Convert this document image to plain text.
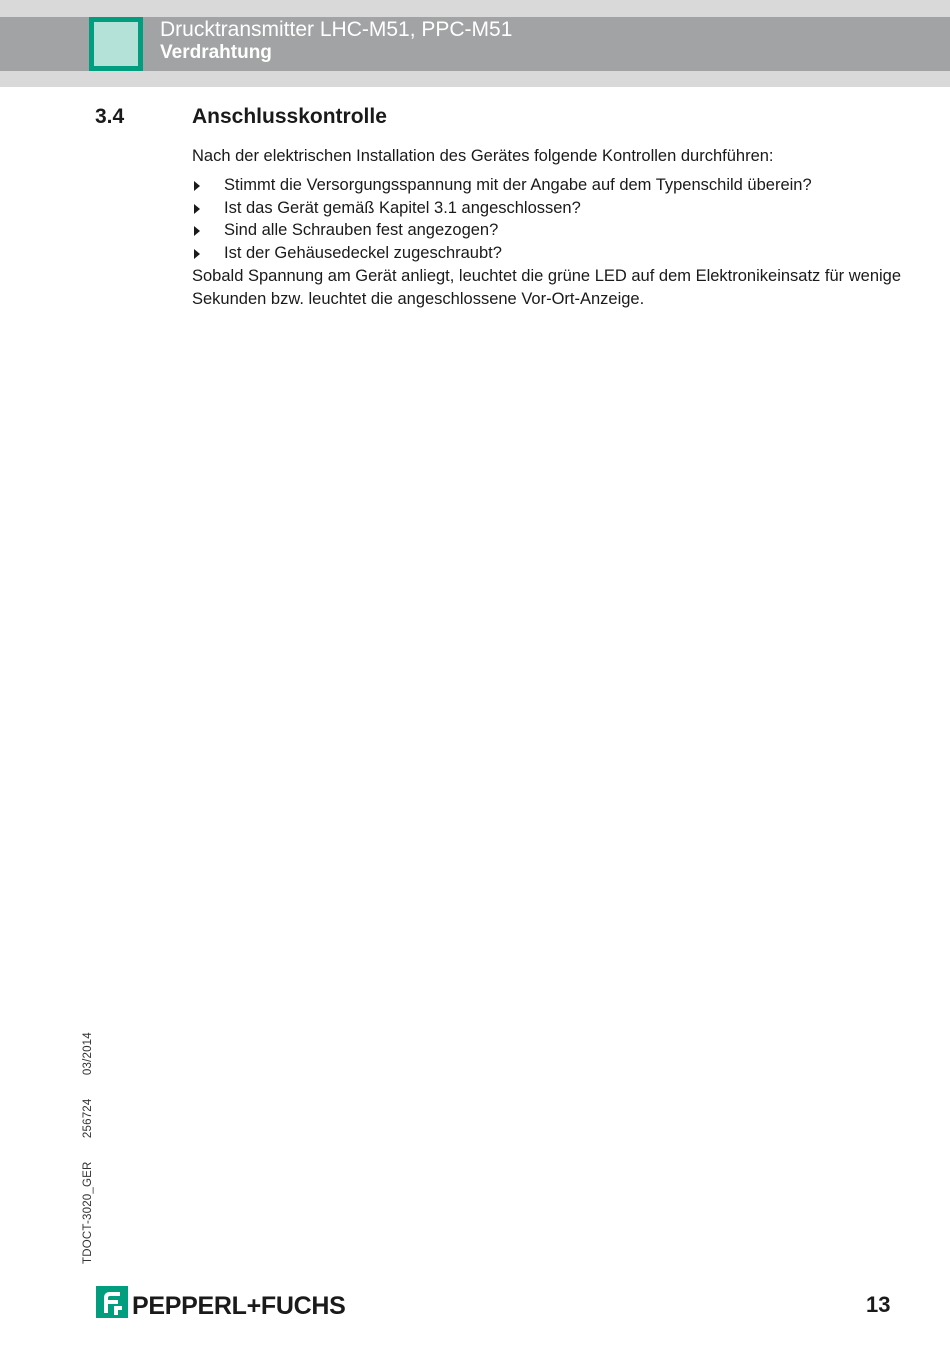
Drucktransmitter LHC-M51, PPC-M51
Verdrahtung
3.4	Anschlusskontrolle

Nach der elektrischen Installation des Gerätes folgende Kontrollen durchführen:

Stimmt die Versorgungsspannung mit der Angabe auf dem Typenschild überein?
Ist das Gerät gemäß Kapitel 3.1 angeschlossen?
Sind alle Schrauben fest angezogen?
Ist der Gehäusedeckel zugeschraubt?

Sobald Spannung am Gerät anliegt, leuchtet die grüne LED auf dem Elektronikeinsatz für wenige Sekunden bzw. leuchtet die angeschlossene Vor-Ort-Anzeige.

TDOCT-3020_GER 256724 03/2014
PEPPERL+FUCHS	13
